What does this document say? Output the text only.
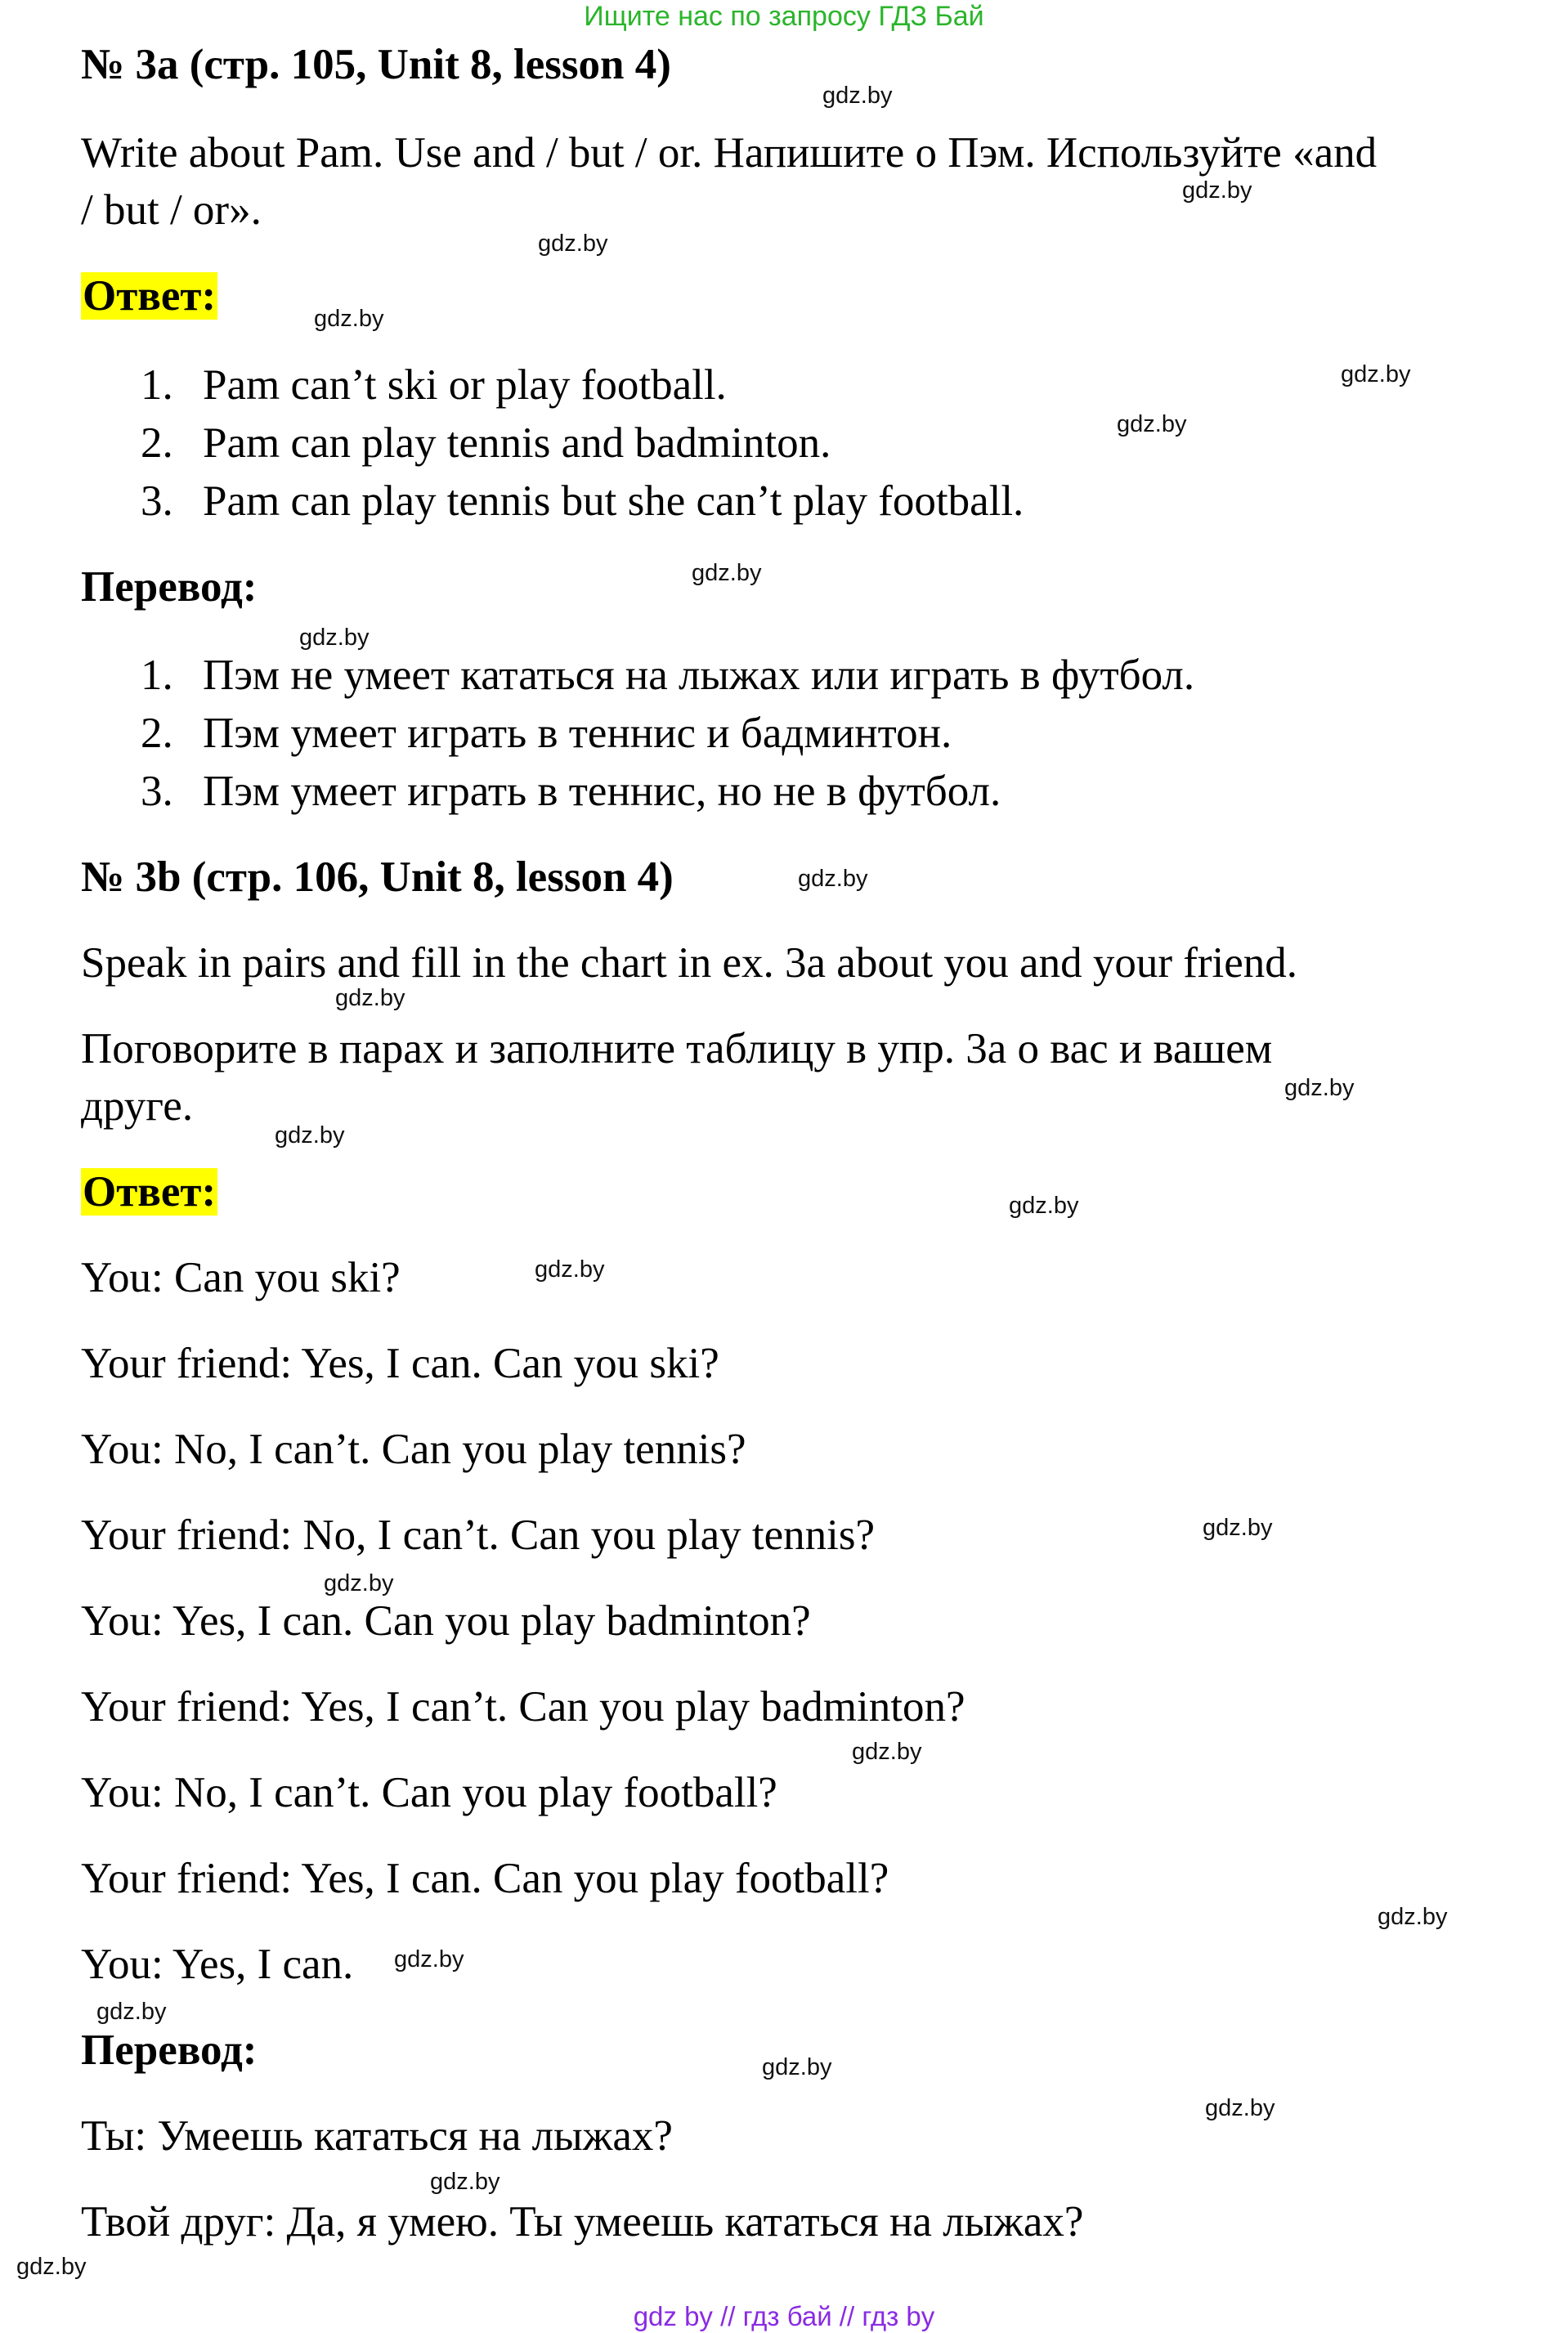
Ищите нас по запросу ГДЗ Бай
№ 3a (стр. 105, Unit 8, lesson 4)
Write about Pam. Use and / but / or. Напишите о Пэм. Используйте «and
/ but / or».
Ответ:
1. Pam can’t ski or play football.
2. Pam can play tennis and badminton.
3. Pam can play tennis but she can’t play football.
Перевод:
1. Пэм не умеет кататься на лыжах или играть в футбол.
2. Пэм умеет играть в теннис и бадминтон.
3. Пэм умеет играть в теннис, но не в футбол.
№ 3b (стр. 106, Unit 8, lesson 4)
Speak in pairs and fill in the chart in ex. 3a about you and your friend.
Поговорите в парах и заполните таблицу в упр. 3а о вас и вашем
друге.
Ответ:
You: Can you ski?
Your friend: Yes, I can. Can you ski?
You: No, I can’t. Can you play tennis?
Your friend: No, I can’t. Can you play tennis?
You: Yes, I can. Can you play badminton?
Your friend: Yes, I can’t. Can you play badminton?
You: No, I can’t. Can you play football?
Your friend: Yes, I can. Can you play football?
You: Yes, I can.
Перевод:
Ты: Умеешь кататься на лыжах?
Твой друг: Да, я умею. Ты умеешь кататься на лыжах?
gdz.by
gdz.by
gdz.by
gdz.by
gdz.by
gdz.by
gdz.by
gdz.by
gdz.by
gdz.by
gdz.by
gdz.by
gdz.by
gdz.by
gdz.by
gdz.by
gdz.by
gdz.by
gdz.by
gdz.by
gdz.by
gdz.by
gdz.by
gdz.by
gdz by // гдз бай // гдз by
